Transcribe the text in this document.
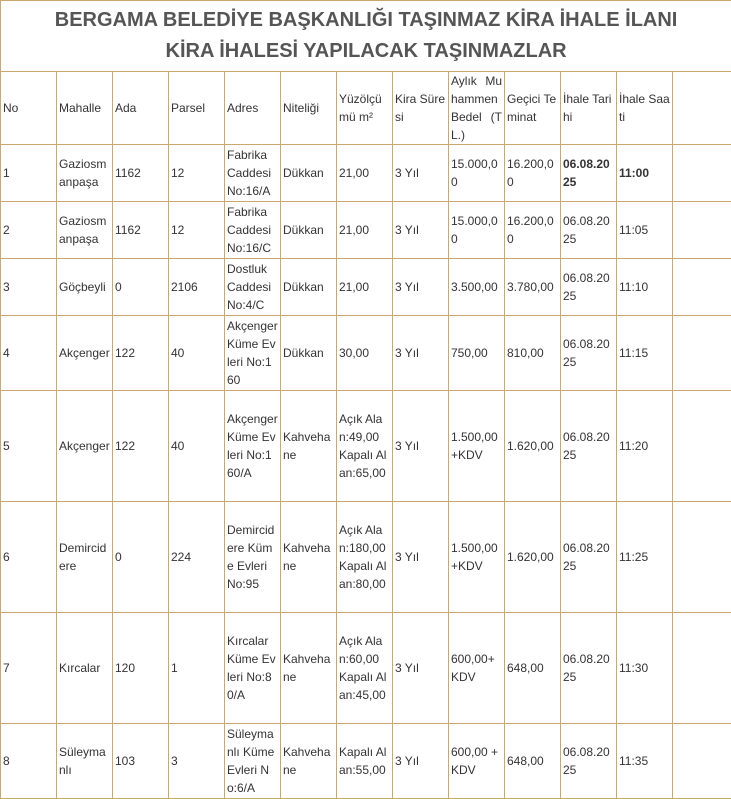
BERGAMA BELEDİYE BAŞKANLIĞI TAŞINMAZ KİRA İHALE İLANI
KİRA İHALESİ YAPILACAK TAŞINMAZLAR												

No	Mahalle	Ada	Parsel	Adres	Niteliği	Yüzölçümü m²	Kira Süresi	Aylık Muhammen Bedel (TL.)	Geçici Teminat	İhale Tarihi	İhale Saati	
1	Gaziosmanpaşa	1162	12	Fabrika Caddesi No:16/A	Dükkan	21,00	3 Yıl	15.000,00	16.200,00	06.08.2025	11:00	
2	Gaziosmanpaşa	1162	12	Fabrika Caddesi No:16/C	Dükkan	21,00	3 Yıl	15.000,00	16.200,00	06.08.2025	11:05	
3	Göçbeyli	0	2106	Dostluk Caddesi No:4/C	Dükkan	21,00	3 Yıl	3.500,00	3.780,00	06.08.2025	11:10	
4	Akçenger	122	40	Akçenger Küme Evleri No:160	Dükkan	30,00	3 Yıl	750,00	810,00	06.08.2025	11:15	
5	Akçenger	122	40	Akçenger Küme Evleri No:160/A	Kahvehane	Açık Alan:49,00 Kapalı Alan:65,00	3 Yıl	1.500,00 +KDV	1.620,00	06.08.2025	11:20	
6	Demircidere	0	224	Demircidere Küme Evleri No:95	Kahvehane	Açık Alan:180,00 Kapalı Alan:80,00	3 Yıl	1.500,00 +KDV	1.620,00	06.08.2025	11:25	
7	Kırcalar	120	1	Kırcalar Küme Evleri No:80/A	Kahvehane	Açık Alan:60,00 Kapalı Alan:45,00	3 Yıl	600,00+KDV	648,00	06.08.2025	11:30	
8	Süleymanlı	103	3	Süleymanlı Küme Evleri No:6/A	Kahvehane	Kapalı Alan:55,00	3 Yıl	600,00 +KDV	648,00	06.08.2025	11:35	
